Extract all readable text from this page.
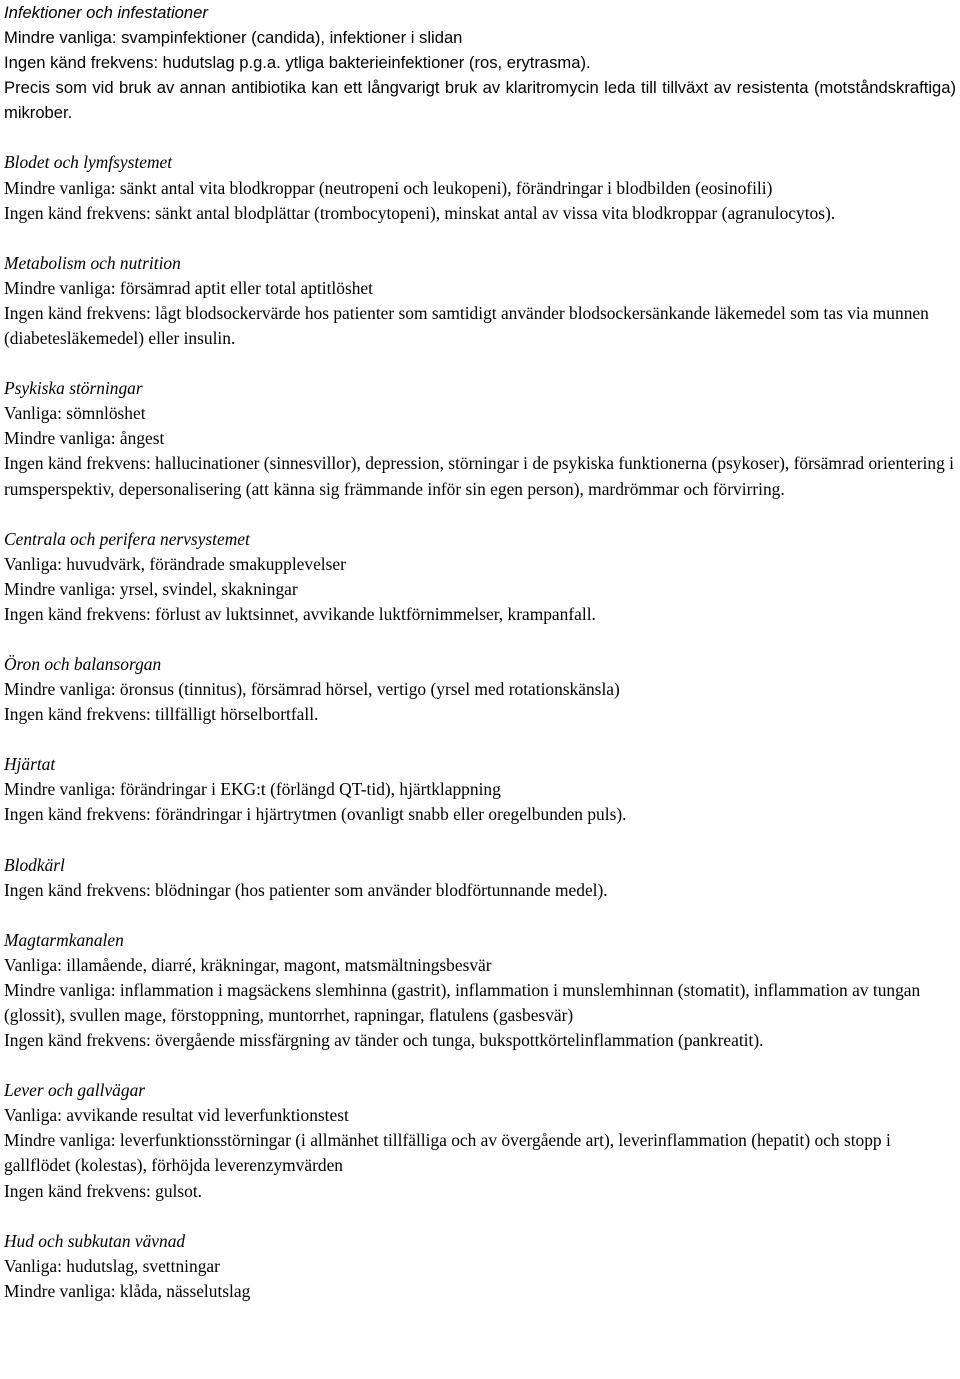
Infektioner och infestationer

Mindre vanliga: svampinfektioner (candida), infektioner i slidan

Ingen känd frekvens: hudutslag p.g.a. ytliga bakterieinfektioner (ros, erytrasma).

Precis som vid bruk av annan antibiotika kan ett långvarigt bruk av klaritromycin leda till tillväxt av resistenta (motståndskraftiga) mikrober.

Blodet och lymfsystemet

Mindre vanliga: sänkt antal vita blodkroppar (neutropeni och leukopeni), förändringar i blodbilden (eosinofili)

Ingen känd frekvens: sänkt antal blodplättar (trombocytopeni), minskat antal av vissa vita blodkroppar (agranulocytos).

Metabolism och nutrition

Mindre vanliga: försämrad aptit eller total aptitlöshet

Ingen känd frekvens: lågt blodsockervärde hos patienter som samtidigt använder blodsockersänkande läkemedel som tas via munnen (diabetesläkemedel) eller insulin.

Psykiska störningar

Vanliga: sömnlöshet

Mindre vanliga: ångest

Ingen känd frekvens: hallucinationer (sinnesvillor), depression, störningar i de psykiska funktionerna (psykoser), försämrad orientering i rumsperspektiv, depersonalisering (att känna sig främmande inför sin egen person), mardrömmar och förvirring.

Centrala och perifera nervsystemet

Vanliga: huvudvärk, förändrade smakupplevelser

Mindre vanliga: yrsel, svindel, skakningar

Ingen känd frekvens: förlust av luktsinnet, avvikande luktförnimmelser, krampanfall.

Öron och balansorgan

Mindre vanliga: öronsus (tinnitus), försämrad hörsel, vertigo (yrsel med rotationskänsla)

Ingen känd frekvens: tillfälligt hörselbortfall.

Hjärtat

Mindre vanliga: förändringar i EKG:t (förlängd QT-tid), hjärtklappning

Ingen känd frekvens: förändringar i hjärtrytmen (ovanligt snabb eller oregelbunden puls).

Blodkärl

Ingen känd frekvens: blödningar (hos patienter som använder blodförtunnande medel).

Magtarmkanalen

Vanliga: illamående, diarré, kräkningar, magont, matsmältningsbesvär

Mindre vanliga: inflammation i magsäckens slemhinna (gastrit), inflammation i munslemhinnan (stomatit), inflammation av tungan (glossit), svullen mage, förstoppning, muntorrhet, rapningar, flatulens (gasbesvär)

Ingen känd frekvens: övergående missfärgning av tänder och tunga, bukspottkörtelinflammation (pankreatit).

Lever och gallvägar

Vanliga: avvikande resultat vid leverfunktionstest

Mindre vanliga: leverfunktionsstörningar (i allmänhet tillfälliga och av övergående art), leverinflammation (hepatit) och stopp i gallflödet (kolestas), förhöjda leverenzymvärden

Ingen känd frekvens: gulsot.

Hud och subkutan vävnad

Vanliga: hudutslag, svettningar

Mindre vanliga: klåda, nässelutslag
